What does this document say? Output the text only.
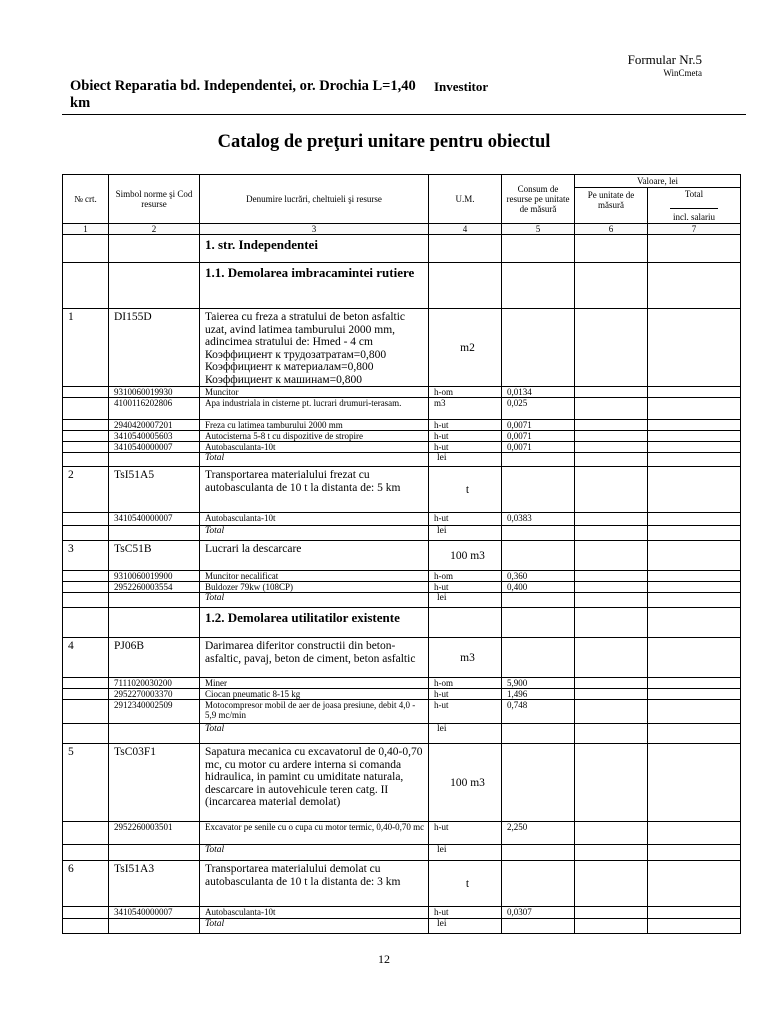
Formular Nr.5
WinCmeta
Obiect Reparatia bd. Independentei, or. Drochia L=1,40 km
Investitor
Catalog de preţuri unitare pentru obiectul
№ crt.	Simbol norme şi Cod resurse	Denumire lucrări, cheltuieli şi resurse	U.M.	Consum de resurse pe unitate de măsură	Valoare, lei	
					Pe unitate de măsură	Total

incl. salariu
1	2	3	4	5	6	7
		1. str. Independentei				
		1.1. Demolarea imbracamintei rutiere				
1	DI155D	Taierea cu freza a stratului de beton asfaltic uzat, avind latimea tamburului 2000 mm, adincimea stratului de: Hmed - 4 cm
Коэффициент к трудозатратам=0,800
Коэффициент к материалам=0,800
Коэффициент к машинам=0,800	m2			
	9310060019930	Muncitor	h-om	0,0134		
	4100116202806	Apa industriala in cisterne pt. lucrari drumuri-terasam.	m3	0,025		
	2940420007201	Freza cu latimea tamburului 2000 mm	h-ut	0,0071		
	3410540005603	Autocisterna 5-8 t cu dispozitive de stropire	h-ut	0,0071		
	3410540000007	Autobasculanta-10t	h-ut	0,0071		
		Total	lei			
2	TsI51A5	Transportarea materialului frezat cu autobasculanta de 10 t la distanta de: 5 km	t			
	3410540000007	Autobasculanta-10t	h-ut	0,0383		
		Total	lei			
3	TsC51B	Lucrari la descarcare	100 m3			
	9310060019900	Muncitor necalificat	h-om	0,360		
	2952260003554	Buldozer 79kw (108CP)	h-ut	0,400		
		Total	lei			
		1.2. Demolarea utilitatilor existente				
4	PJ06B	Darimarea diferitor constructii din beton-asfaltic, pavaj, beton de ciment, beton asfaltic	m3			
	7111020030200	Miner	h-om	5,900		
	2952270003370	Ciocan pneumatic 8-15 kg	h-ut	1,496		
	2912340002509	Motocompresor mobil de aer de joasa presiune, debit 4,0 - 5,9 mc/min	h-ut	0,748		
		Total	lei			
5	TsC03F1	Sapatura mecanica cu excavatorul de 0,40-0,70 mc, cu motor cu ardere interna si comanda hidraulica, in pamint cu umiditate naturala, descarcare in autovehicule teren catg. II (incarcarea material demolat)	100 m3			
	2952260003501	Excavator pe senile cu o cupa cu motor termic, 0,40-0,70 mc	h-ut	2,250		
		Total	lei			
6	TsI51A3	Transportarea materialului demolat cu autobasculanta de 10 t la distanta de: 3 km	t			
	3410540000007	Autobasculanta-10t	h-ut	0,0307		
		Total	lei			
12
